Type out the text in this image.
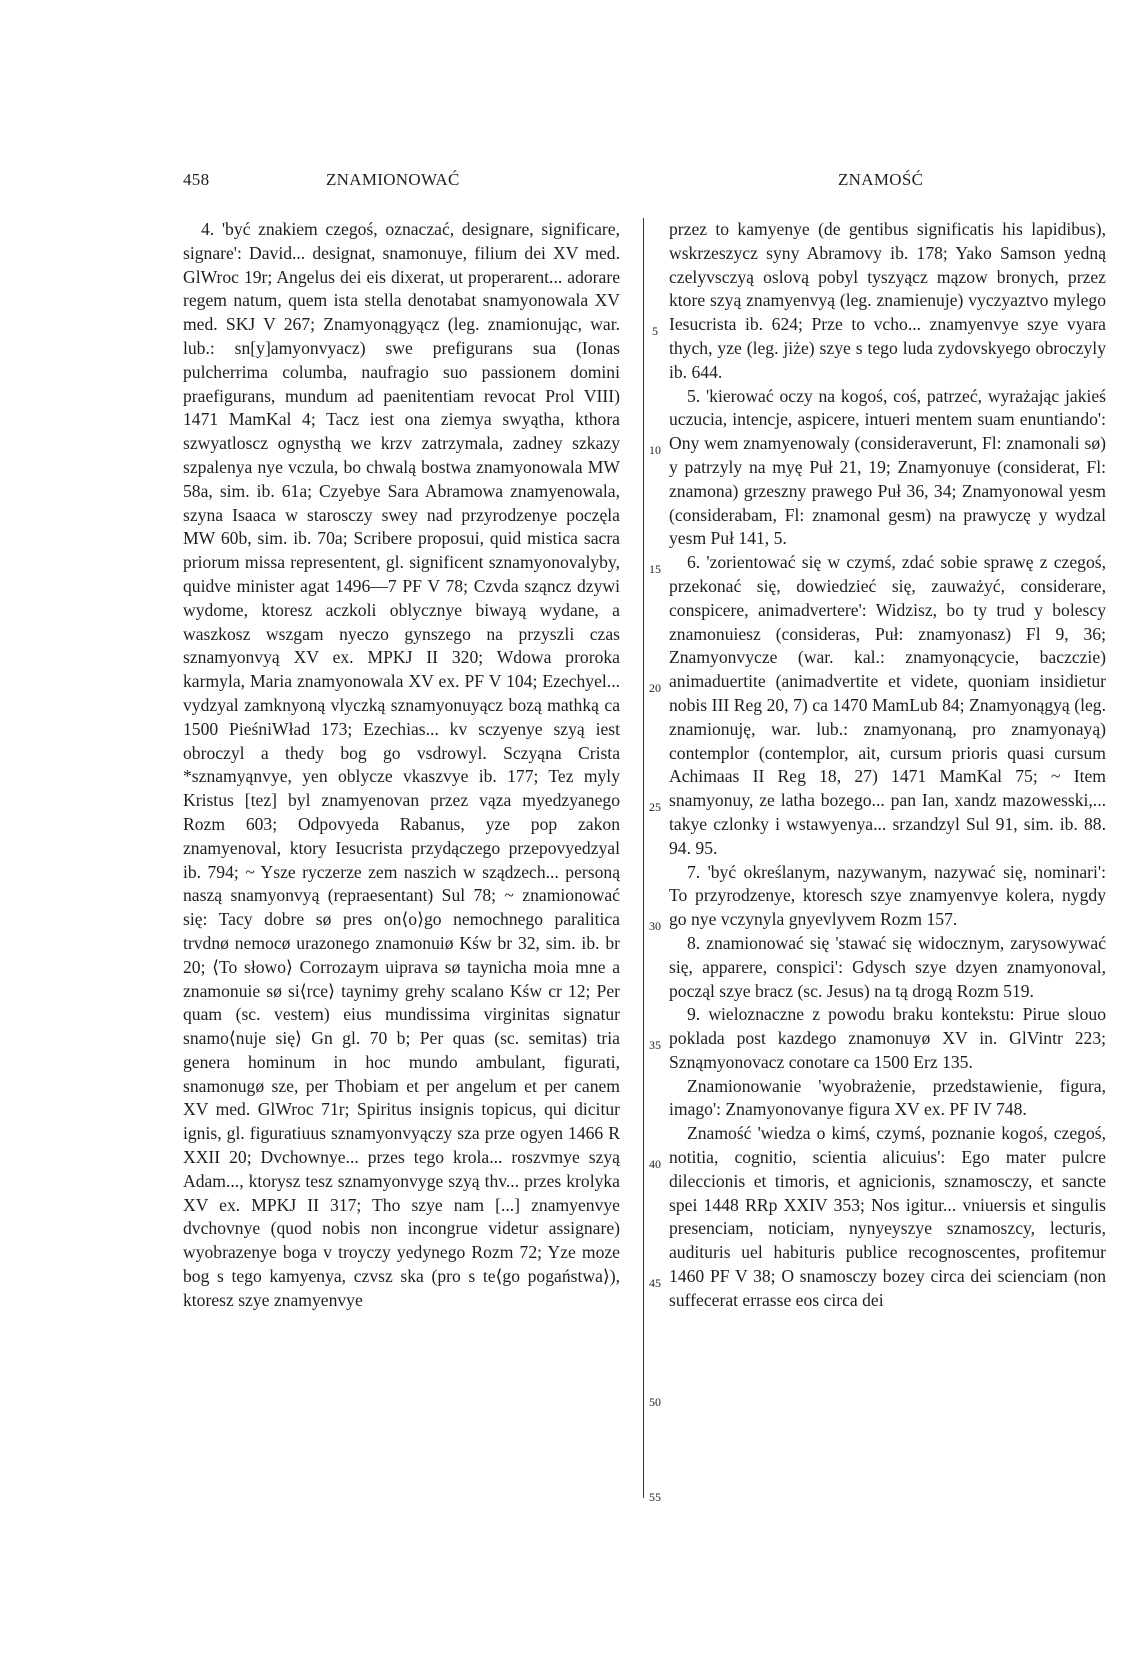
458	ZNAMIONOWAĆ	ZNAMOŚĆ
5
10
15
20
25
30
35
40
45
50
55

4. 'być znakiem czegoś, oznaczać, designare, significare, signare': David... designat, snamonuye, filium dei XV med. GlWroc 19r; Angelus dei eis dixerat, ut properarent... adorare regem natum, quem ista stella denotabat snamyonowala XV med. SKJ V 267; Znamyonągyącz (leg. znamionując, war. lub.: sn[y]amyonvyacz) swe prefigurans sua (Ionas pulcherrima columba, naufragio suo passionem domini praefigurans, mundum ad paenitentiam revocat Prol VIII) 1471 MamKal 4; Tacz iest ona ziemya swyątha, kthora szwyatloscz ognysthą we krzv zatrzymala, zadney szkazy szpalenya nye vczula, bo chwalą bostwa znamyonowala MW 58a, sim. ib. 61a; Czyebye Sara Abramowa znamyenowala, szyna Isaaca w starosczy swey nad przyrodzenye poczęla MW 60b, sim. ib. 70a; Scribere proposui, quid mistica sacra priorum missa representent, gl. significent sznamyonovalyby, quidve minister agat 1496—7 PF V 78; Czvda sząncz dzywi wydome, ktoresz aczkoli oblycznye biwayą wydane, a waszkosz wszgam nyeczo gynszego na przyszli czas sznamyonvyą XV ex. MPKJ II 320; Wdowa proroka karmyla, Maria znamyonowala XV ex. PF V 104; Ezechyel... vydzyal zamknyoną vlyczką sznamyonuyącz bozą mathką ca 1500 PieśniWład 173; Ezechias... kv sczyenye szyą iest obroczyl a thedy bog go vsdrowyl. Sczyąna Crista *sznamyąnvye, yen oblycze vkaszvye ib. 177; Tez myly Kristus [tez] byl znamyenovan przez vąza myedzyanego Rozm 603; Odpovyeda Rabanus, yze pop zakon znamyenoval, ktory Iesucrista przydączego przepovyedzyal ib. 794; ~ Ysze ryczerze zem naszich w sządzech... personą naszą snamyonvyą (repraesentant) Sul 78; ~ znamionować się: Tacy dobre sø pres on⟨o⟩go nemochnego paralitica trvdnø nemocø urazonego znamonuiø Kśw br 32, sim. ib. br 20; ⟨To słowo⟩ Corrozaym uiprava sø taynicha moia mne a znamonuie sø si⟨rce⟩ taynimy grehy scalano Kśw cr 12; Per quam (sc. vestem) eius mundissima virginitas signatur snamo⟨nuje się⟩ Gn gl. 70 b; Per quas (sc. semitas) tria genera hominum in hoc mundo ambulant, figurati, snamonugø sze, per Thobiam et per angelum et per canem XV med. GlWroc 71r; Spiritus insignis topicus, qui dicitur ignis, gl. figuratiuus sznamyonvyączy sza prze ogyen 1466 R XXII 20; Dvchownye... przes tego krola... roszvmye szyą Adam..., ktorysz tesz sznamyonvyge szyą thv... przes krolyka XV ex. MPKJ II 317; Tho szye nam [...] znamyenvye dvchovnye (quod nobis non incongrue videtur assignare) wyobrazenye boga v troyczy yedynego Rozm 72; Yze moze bog s tego kamyenya, czvsz ska (pro s te⟨go pogaństwa⟩), ktoresz szye znamyenvye

przez to kamyenye (de gentibus significatis his lapidibus), wskrzeszycz syny Abramovy ib. 178; Yako Samson yedną czelyvsczyą oslovą pobyl tyszyącz mązow bronych, przez ktore szyą znamyenvyą (leg. znamienuje) vyczyaztvo mylego Iesucrista ib. 624; Prze to vcho... znamyenvye szye vyara thych, yze (leg. jiże) szye s tego luda zydovskyego obroczyly ib. 644.

5. 'kierować oczy na kogoś, coś, patrzeć, wyrażając jakieś uczucia, intencje, aspicere, intueri mentem suam enuntiando': Ony wem znamyenowaly (consideraverunt, Fl: znamonali sø) y patrzyly na myę Puł 21, 19; Znamyonuye (considerat, Fl: znamona) grzeszny prawego Puł 36, 34; Znamyonowal yesm (considerabam, Fl: znamonal gesm) na prawyczę y wydzal yesm Puł 141, 5.

6. 'zorientować się w czymś, zdać sobie sprawę z czegoś, przekonać się, dowiedzieć się, zauważyć, considerare, conspicere, animadvertere': Widzisz, bo ty trud y bolescy znamonuiesz (consideras, Puł: znamyonasz) Fl 9, 36; Znamyonvycze (war. kal.: znamyonącycie, baczczie) animaduertite (animadvertite et videte, quoniam insidietur nobis III Reg 20, 7) ca 1470 MamLub 84; Znamyonągyą (leg. znamionuję, war. lub.: znamyonaną, pro znamyonayą) contemplor (contemplor, ait, cursum prioris quasi cursum Achimaas II Reg 18, 27) 1471 MamKal 75; ~ Item snamyonuy, ze latha bozego... pan Ian, xandz mazowesski,... takye czlonky i wstawyenya... srzandzyl Sul 91, sim. ib. 88. 94. 95.

7. 'być określanym, nazywanym, nazywać się, nominari': To przyrodzenye, ktoresch szye znamyenvye kolera, nygdy go nye vczynyla gnyevlyvem Rozm 157.

8. znamionować się 'stawać się widocznym, zarysowywać się, apparere, conspici': Gdysch szye dzyen znamyonoval, począl szye bracz (sc. Jesus) na tą drogą Rozm 519.

9. wieloznaczne z powodu braku kontekstu: Pirue slouo poklada post kazdego znamonuyø XV in. GlVintr 223; Sznąmyonovacz conotare ca 1500 Erz 135.

Znamionowanie 'wyobrażenie, przedstawienie, figura, imago': Znamyonovanye figura XV ex. PF IV 748.

Znamość 'wiedza o kimś, czymś, poznanie kogoś, czegoś, notitia, cognitio, scientia alicuius': Ego mater pulcre dileccionis et timoris, et agnicionis, sznamosczy, et sancte spei 1448 RRp XXIV 353; Nos igitur... vniuersis et singulis presenciam, noticiam, nynyeyszye sznamoszcy, lecturis, audituris uel habituris publice recognoscentes, profitemur 1460 PF V 38; O snamosczy bozey circa dei scienciam (non suffecerat errasse eos circa dei
